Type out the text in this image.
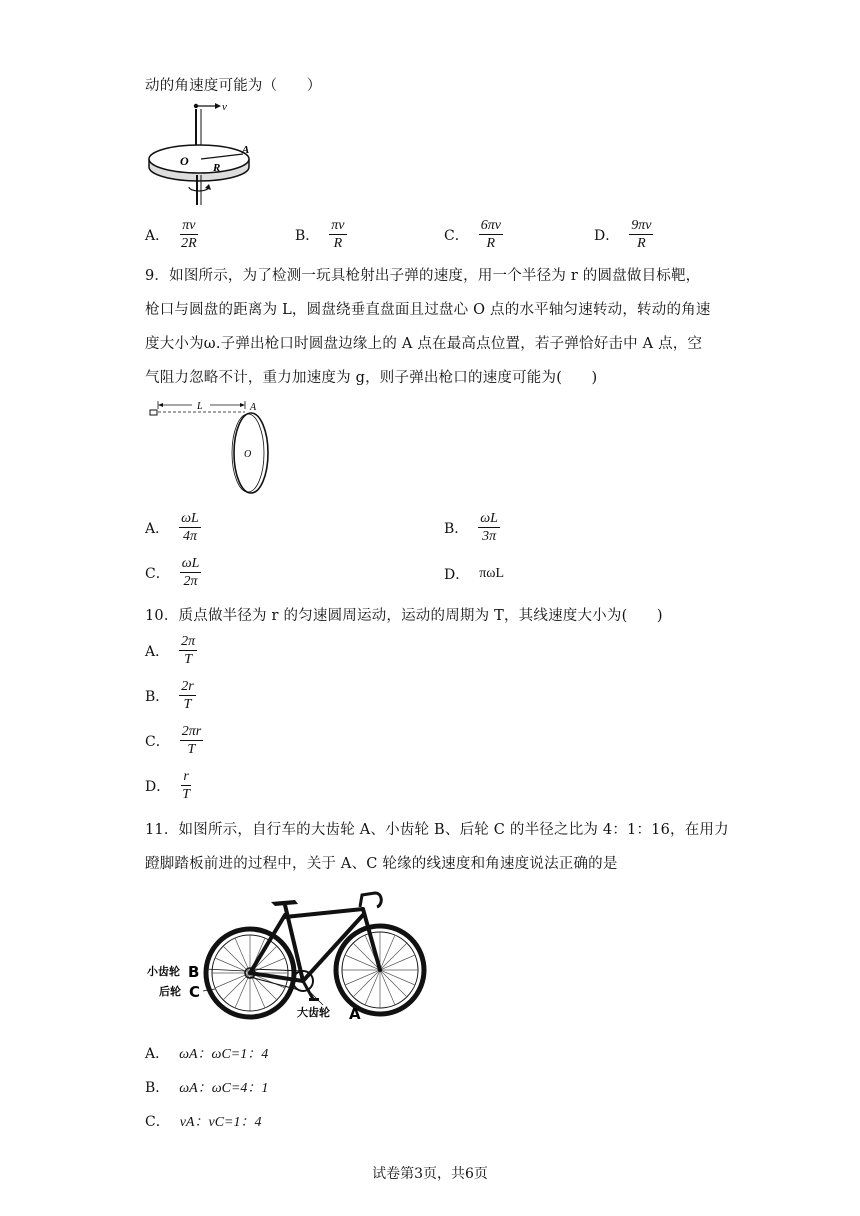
动的角速度可能为（　　）
v
O
A
R
A． $\frac{\pi v}{2R}$	B． $\frac{\pi v}{R}$	C． $\frac{6\pi v}{R}$	D． $\frac{9\pi v}{R}$
9．如图所示，为了检测一玩具枪射出子弹的速度，用一个半径为 r 的圆盘做目标靶，
枪口与圆盘的距离为 L，圆盘绕垂直盘面且过盘心 O 点的水平轴匀速转动，转动的角速
度大小为ω.子弹出枪口时圆盘边缘上的 A 点在最高点位置，若子弹恰好击中 A 点，空
气阻力忽略不计，重力加速度为 g，则子弹出枪口的速度可能为(　　)
L	A
O
A． $\frac{\omega L}{4\pi}$	B． $\frac{\omega L}{3\pi}$
C． $\frac{\omega L}{2\pi}$	D． πωL
10．质点做半径为 r 的匀速圆周运动，运动的周期为 T，其线速度大小为(　　)
A． $\frac{2\pi}{T}$
B． $\frac{2r}{T}$
C． $\frac{2\pi r}{T}$
D． $\frac{r}{T}$
11．如图所示，自行车的大齿轮 A、小齿轮 B、后轮 C 的半径之比为 4：1：16，在用力
蹬脚踏板前进的过程中，关于 A、C 轮缘的线速度和角速度说法正确的是
小齿轮 B
后轮 C
大齿轮 A
A． ωA：ωC=1：4
B． ωA：ωC=4：1
C． vA：vC=1：4
试卷第3页，共6页
